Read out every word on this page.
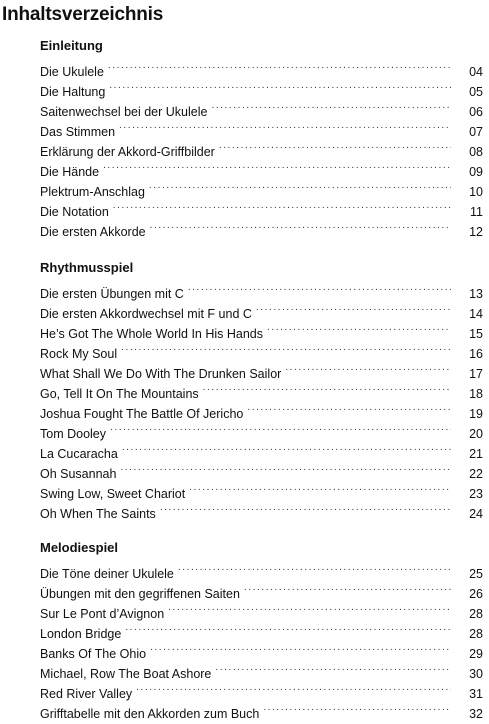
Inhaltsverzeichnis
Einleitung
Die Ukulele . . .	04
Die Haltung . . .	05
Saitenwechsel bei der Ukulele . . .	06
Das Stimmen . . .	07
Erklärung der Akkord-Griffbilder . . .	08
Die Hände . . .	09
Plektrum-Anschlag . . .	10
Die Notation . . .	11
Die ersten Akkorde . . .	12
Rhythmusspiel
Die ersten Übungen mit C . . .	13
Die ersten Akkordwechsel mit F und C . . .	14
He’s Got The Whole World In His Hands . . .	15
Rock My Soul . . .	16
What Shall We Do With The Drunken Sailor . . .	17
Go, Tell It On The Mountains . . .	18
Joshua Fought The Battle Of Jericho . . .	19
Tom Dooley . . .	20
La Cucaracha . . .	21
Oh Susannah . . .	22
Swing Low, Sweet Chariot . . .	23
Oh When The Saints . . .	24
Melodiespiel
Die Töne deiner Ukulele . . .	25
Übungen mit den gegriffenen Saiten . . .	26
Sur Le Pont d’Avignon . . .	28
London Bridge . . .	28
Banks Of The Ohio . . .	29
Michael, Row The Boat Ashore . . .	30
Red River Valley . . .	31
Grifftabelle mit den Akkorden zum Buch . . .	32
